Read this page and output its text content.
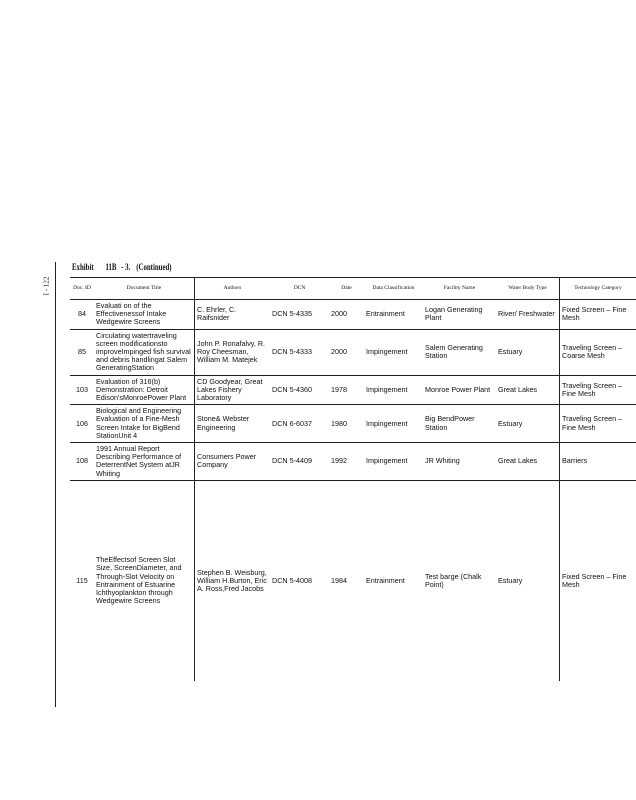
I - 122
Exhibit 11B - 3. (Continued)
Doc. ID	Document Title	Authors	DCN	Date	Data Classification	Facility Name	Water Body Type	Technology Category
84	Evaluati on of the Effectivenessof Intake Wedgewire Screens	C. Ehrler, C. Raifsnider	DCN 5-4335	2000	Entrainment	Logan Generating Plant	River/ Freshwater	Fixed Screen – Fine Mesh
85	Circulating watertraveling screen modificationsto improveImpinged fish survival and debris handlingat Salem GeneratingStation	John P. Ronafalvy, R. Roy Cheesman, William M. Matejek	DCN 5-4333	2000	Impingement	Salem Generating Station	Estuary	Traveling Screen – Coarse Mesh
103	Evaluation of 316(b) Demonstration: Detroit Edison'sMonroePower Plant	CD Goodyear, Great Lakes Fishery Laboratory	DCN 5-4360	1978	Impingement	Monroe Power Plant	Great Lakes	Traveling Screen – Fine Mesh
106	Biological and Engineering Evaluation of a Fine-Mesh Screen Intake for BigBend StationUnit 4	Stone& Webster Engineering	DCN 6-6037	1980	Impingement	Big BendPower Station	Estuary	Traveling Screen – Fine Mesh
108	1991 Annual Report Describing Performance of DeterrentNet System atJR Whiting	Consumers Power Company	DCN 5-4409	1992	Impingement	JR Whiting	Great Lakes	Barriers
115	TheEffectsof Screen Slot Size, ScreenDiameter, and Through-Slot Velocity on Entrainment of Estuarine Ichthyoplankton through Wedgewire Screens	Stephen B. Weisburg, William H.Burton, Eric A. Ross,Fred Jacobs	DCN 5-4008	1984	Entrainment	Test barge (Chalk Point)	Estuary	Fixed Screen – Fine Mesh
